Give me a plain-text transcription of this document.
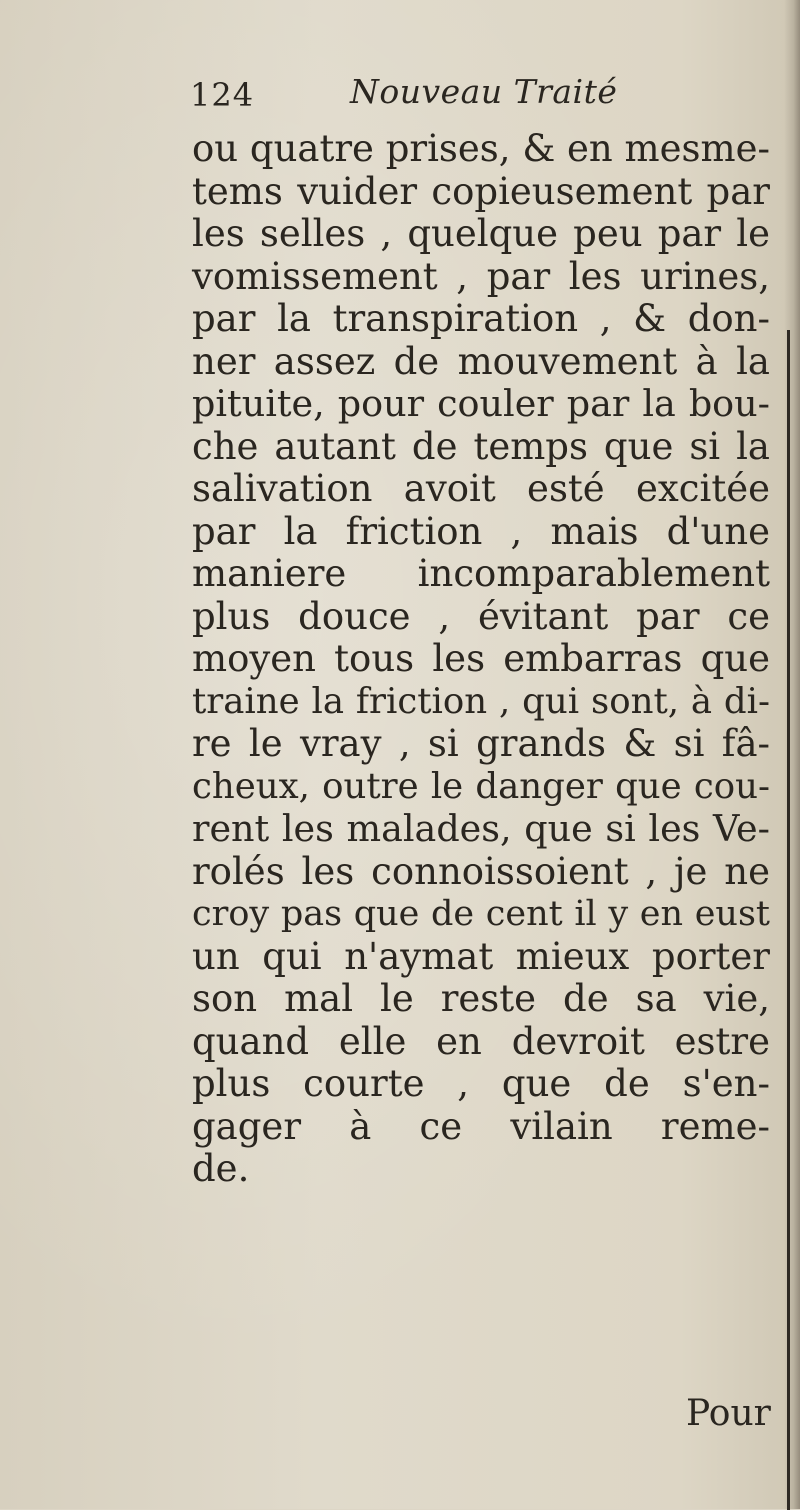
124	Nouveau Traité
ou quatre prises, & en mesme-
tems vuider copieusement par
les selles , quelque peu par le
vomissement , par les urines,
par la transpiration , & don-
ner assez de mouvement à la
pituite, pour couler par la bou-
che autant de temps que si la
salivation avoit esté excitée
par la friction , mais d'une
maniere incomparablement
plus douce , évitant par ce
moyen tous les embarras que
traine la friction , qui sont, à di-
re le vray , si grands & si fâ-
cheux, outre le danger que cou-
rent les malades, que si les Ve-
rolés les connoissoient , je ne
croy pas que de cent il y en eust
un qui n'aymat mieux porter
son mal le reste de sa vie,
quand elle en devroit estre
plus courte , que de s'en-
gager à ce vilain reme-
de.
Pour
